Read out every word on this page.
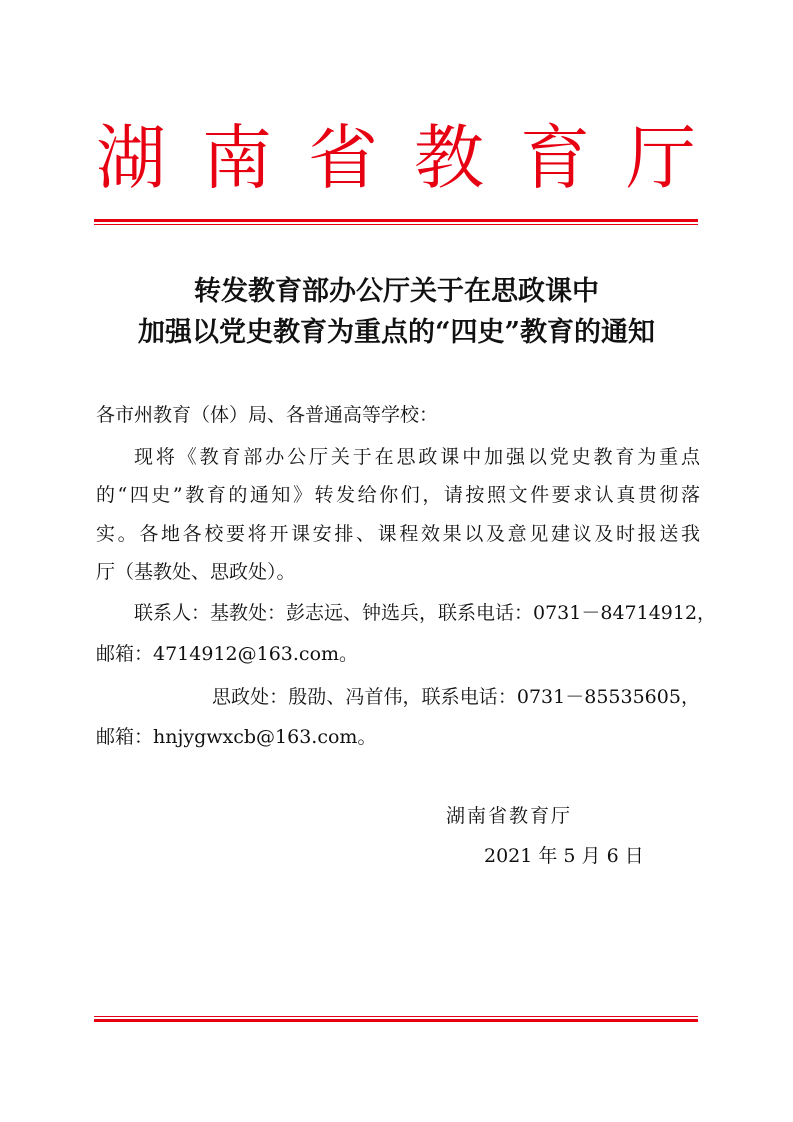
湖 南 省 教 育 厅
转发教育部办公厅关于在思政课中
加强以党史教育为重点的“四史”教育的通知
各市州教育（体）局、各普通高等学校：
现将《教育部办公厅关于在思政课中加强以党史教育为重点
的“四史”教育的通知》转发给你们，请按照文件要求认真贯彻落
实。各地各校要将开课安排、课程效果以及意见建议及时报送我
厅（基教处、思政处）。
联系人：基教处：彭志远、钟选兵，联系电话：0731－84714912，
邮箱：4714912@163.com。
思政处：殷劭、冯首伟，联系电话：0731－85535605，
邮箱：hnjygwxcb@163.com。
湖南省教育厅
2021 年 5 月 6 日
